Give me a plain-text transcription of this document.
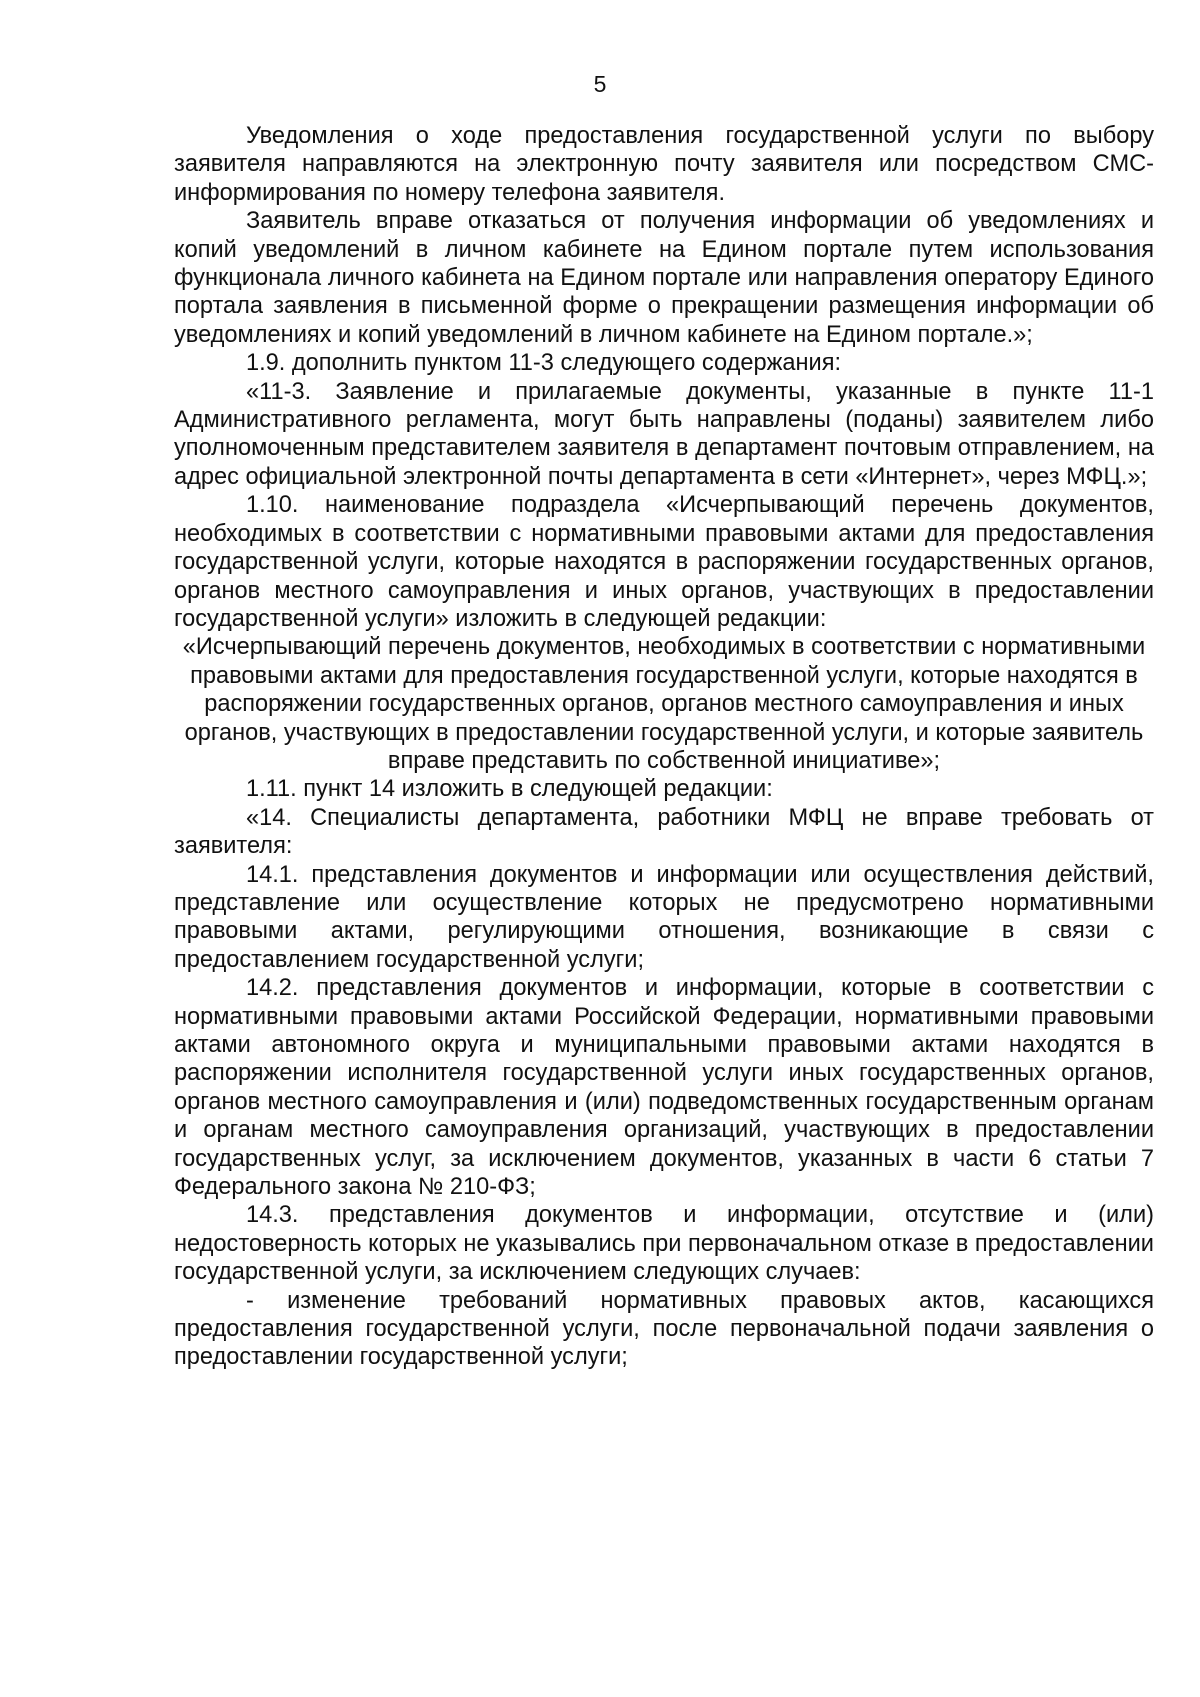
5

Уведомления о ходе предоставления государственной услуги по выбору заявителя направляются на электронную почту заявителя или посредством СМС-информирования по номеру телефона заявителя.

Заявитель вправе отказаться от получения информации об уведомлениях и копий уведомлений в личном кабинете на Едином портале путем использования функционала личного кабинета на Едином портале или направления оператору Единого портала заявления в письменной форме о прекращении размещения информации об уведомлениях и копий уведомлений в личном кабинете на Едином портале.»;

1.9. дополнить пунктом 11-3 следующего содержания:

«11-3. Заявление и прилагаемые документы, указанные в пункте 11-1 Административного регламента, могут быть направлены (поданы) заявителем либо уполномоченным представителем заявителя в департамент почтовым отправлением, на адрес официальной электронной почты департамента в сети «Интернет», через МФЦ.»;

1.10. наименование подраздела «Исчерпывающий перечень документов, необходимых в соответствии с нормативными правовыми актами для предоставления государственной услуги, которые находятся в распоряжении государственных органов, органов местного самоуправления и иных органов, участвующих в предоставлении государственной услуги» изложить в следующей редакции:

«Исчерпывающий перечень документов, необходимых в соответствии с нормативными правовыми актами для предоставления государственной услуги, которые находятся в распоряжении государственных органов, органов местного самоуправления и иных органов, участвующих в предоставлении государственной услуги, и которые заявитель вправе представить по собственной инициативе»;

1.11. пункт 14 изложить в следующей редакции:

«14. Специалисты департамента, работники МФЦ не вправе требовать от заявителя:

14.1. представления документов и информации или осуществления действий, представление или осуществление которых не предусмотрено нормативными правовыми актами, регулирующими отношения, возникающие в связи с предоставлением государственной услуги;

14.2. представления документов и информации, которые в соответствии с нормативными правовыми актами Российской Федерации, нормативными правовыми актами автономного округа и муниципальными правовыми актами находятся в распоряжении исполнителя государственной услуги иных государственных органов, органов местного самоуправления и (или) подведомственных государственным органам и органам местного самоуправления организаций, участвующих в предоставлении государственных услуг, за исключением документов, указанных в части 6 статьи 7 Федерального закона № 210-ФЗ;

14.3. представления документов и информации, отсутствие и (или) недостоверность которых не указывались при первоначальном отказе в предоставлении государственной услуги, за исключением следующих случаев:

- изменение требований нормативных правовых актов, касающихся предоставления государственной услуги, после первоначальной подачи заявления о предоставлении государственной услуги;
